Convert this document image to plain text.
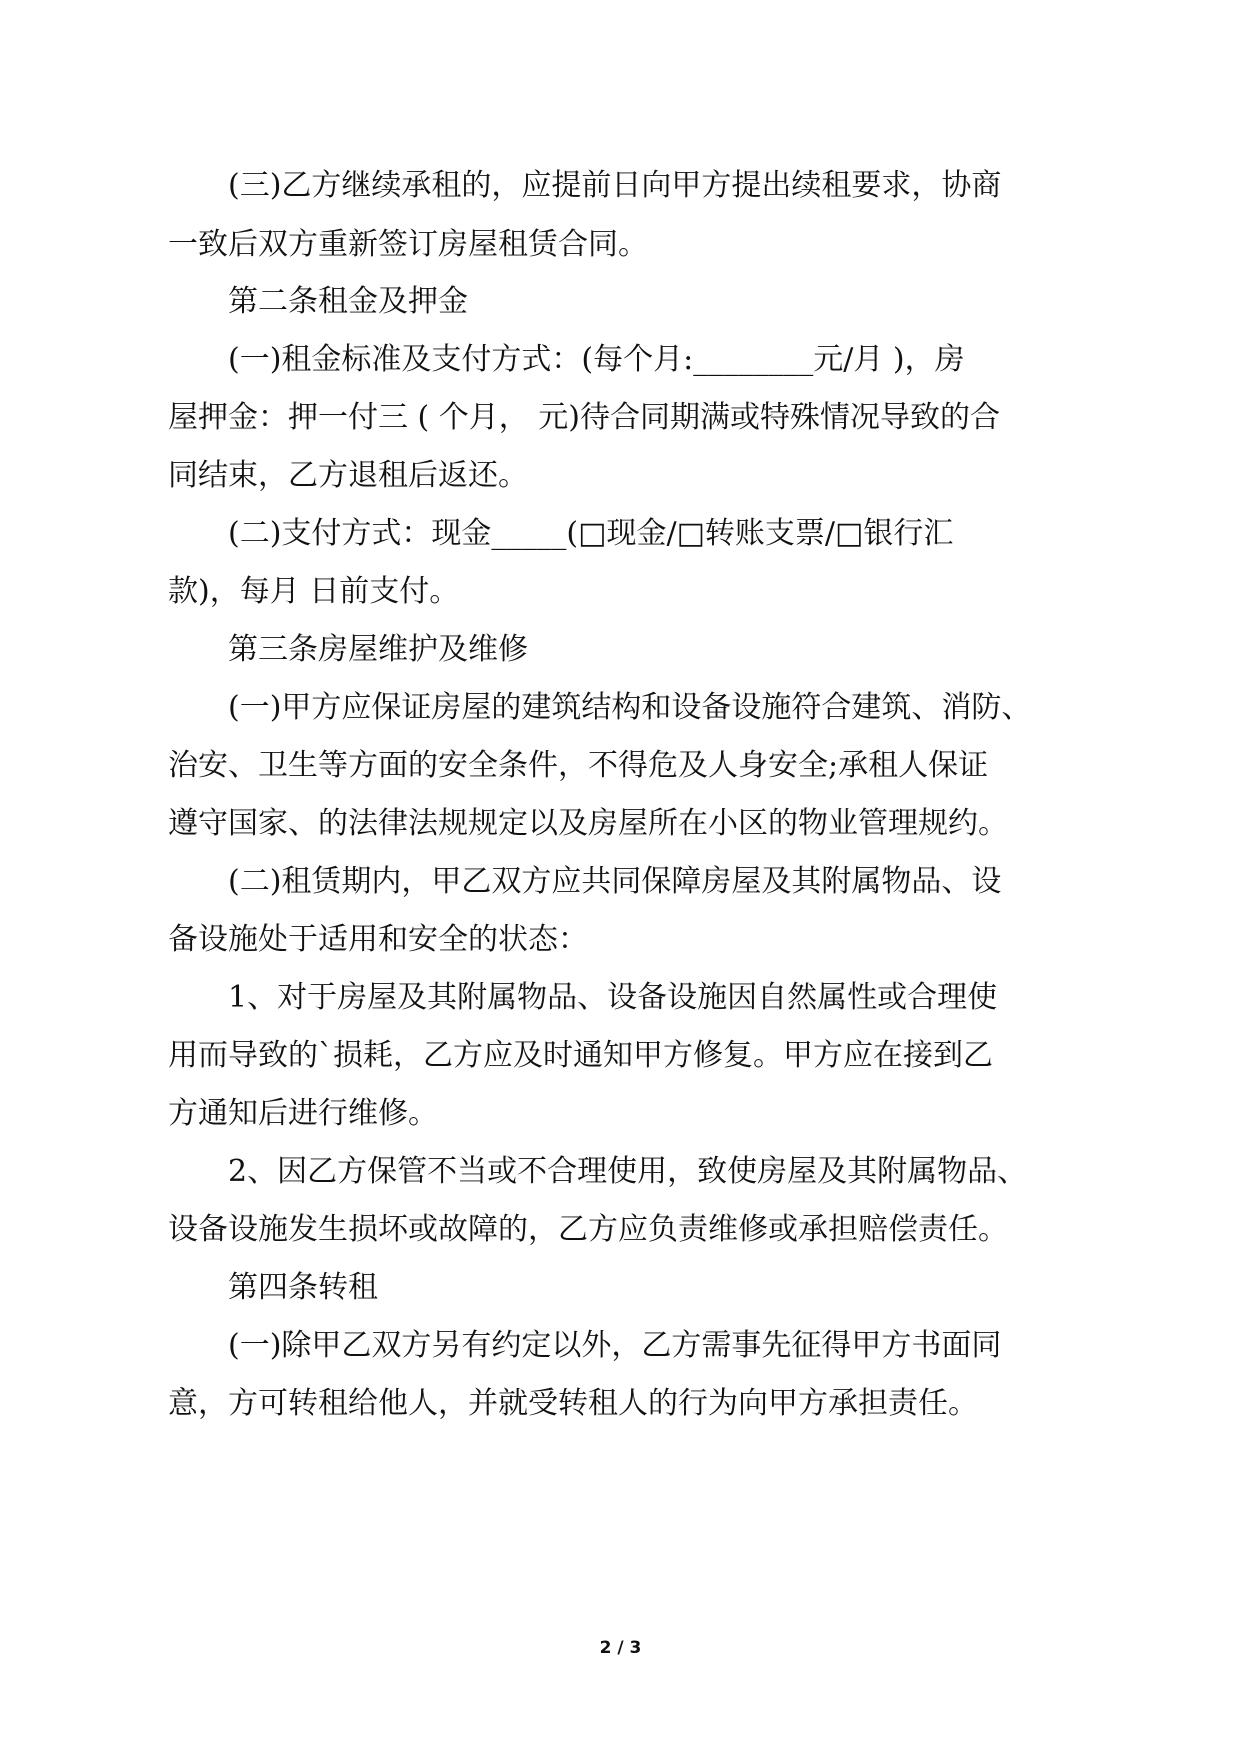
(三)乙方继续承租的，应提前日向甲方提出续租要求，协商
一致后双方重新签订房屋租赁合同。
第二条租金及押金
(一)租金标准及支付方式：(每个月:________元/月 )，房
屋押金：押一付三 ( 个月， 元)待合同期满或特殊情况导致的合
同结束，乙方退租后返还。
(二)支付方式：现金_____(□现金/□转账支票/□银行汇
款)，每月 日前支付。
第三条房屋维护及维修
(一)甲方应保证房屋的建筑结构和设备设施符合建筑、消防、
治安、卫生等方面的安全条件，不得危及人身安全;承租人保证
遵守国家、的法律法规规定以及房屋所在小区的物业管理规约。
(二)租赁期内，甲乙双方应共同保障房屋及其附属物品、设
备设施处于适用和安全的状态：
1、对于房屋及其附属物品、设备设施因自然属性或合理使
用而导致的`损耗，乙方应及时通知甲方修复。甲方应在接到乙
方通知后进行维修。
2、因乙方保管不当或不合理使用，致使房屋及其附属物品、
设备设施发生损坏或故障的，乙方应负责维修或承担赔偿责任。
第四条转租
(一)除甲乙双方另有约定以外，乙方需事先征得甲方书面同
意，方可转租给他人，并就受转租人的行为向甲方承担责任。
2 / 3
